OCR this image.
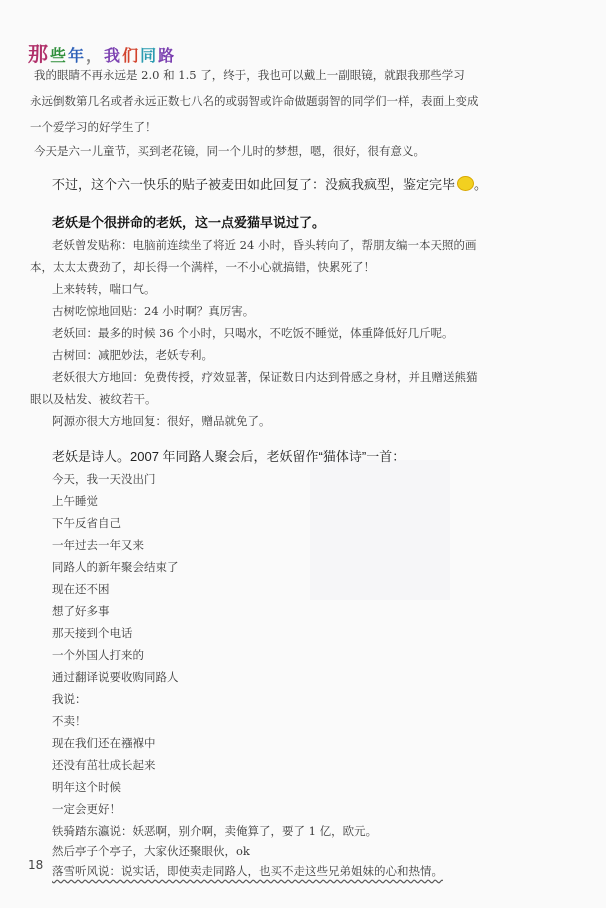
那 些 年 ， 我 们 同 路
我的眼睛不再永远是 2.0 和 1.5 了，终于，我也可以戴上一副眼镜，就跟我那些学习
永远倒数第几名或者永远正数七八名的或弱智或许命做题弱智的同学们一样，表面上变成
一个爱学习的好学生了！
今天是六一儿童节，买到老花镜，同一个儿时的梦想，嗯，很好，很有意义。
不过，这个六一快乐的贴子被麦田如此回复了：没疯我疯型，鉴定完毕 。
老妖是个很拼命的老妖，这一点爱猫早说过了。
老妖曾发贴称：电脑前连续坐了将近 24 小时，昏头转向了，帮朋友编一本天照的画
本，太太太费劲了，却长得一个满样，一不小心就搞错，快累死了！
上来转转，喘口气。
古树吃惊地回贴：24 小时啊？真厉害。
老妖回：最多的时候 36 个小时，只喝水，不吃饭不睡觉，体重降低好几斤呢。
古树回：减肥妙法，老妖专利。
老妖很大方地回：免费传授，疗效显著，保证数日内达到骨感之身材，并且赠送熊猫
眼以及枯发、被纹若干。
阿源亦很大方地回复：很好，赠品就免了。
老妖是诗人。2007 年同路人聚会后，老妖留作“猫体诗”一首：
今天，我一天没出门
上午睡觉
下午反省自己
一年过去一年又来
同路人的新年聚会结束了
现在还不困
想了好多事
那天接到个电话
一个外国人打来的
通过翻译说要收购同路人
我说：
不卖！
现在我们还在襁褓中
还没有茁壮成长起来
明年这个时候
一定会更好！
铁骑踏东瀛说：妖恶啊，别介啊，卖俺算了，要了 1 亿，欧元。
然后亭子个亭子，大家伙还聚眼伙，ok
落雪听风说：说实话，即使卖走同路人，也买不走这些兄弟姐妹的心和热情。
18
